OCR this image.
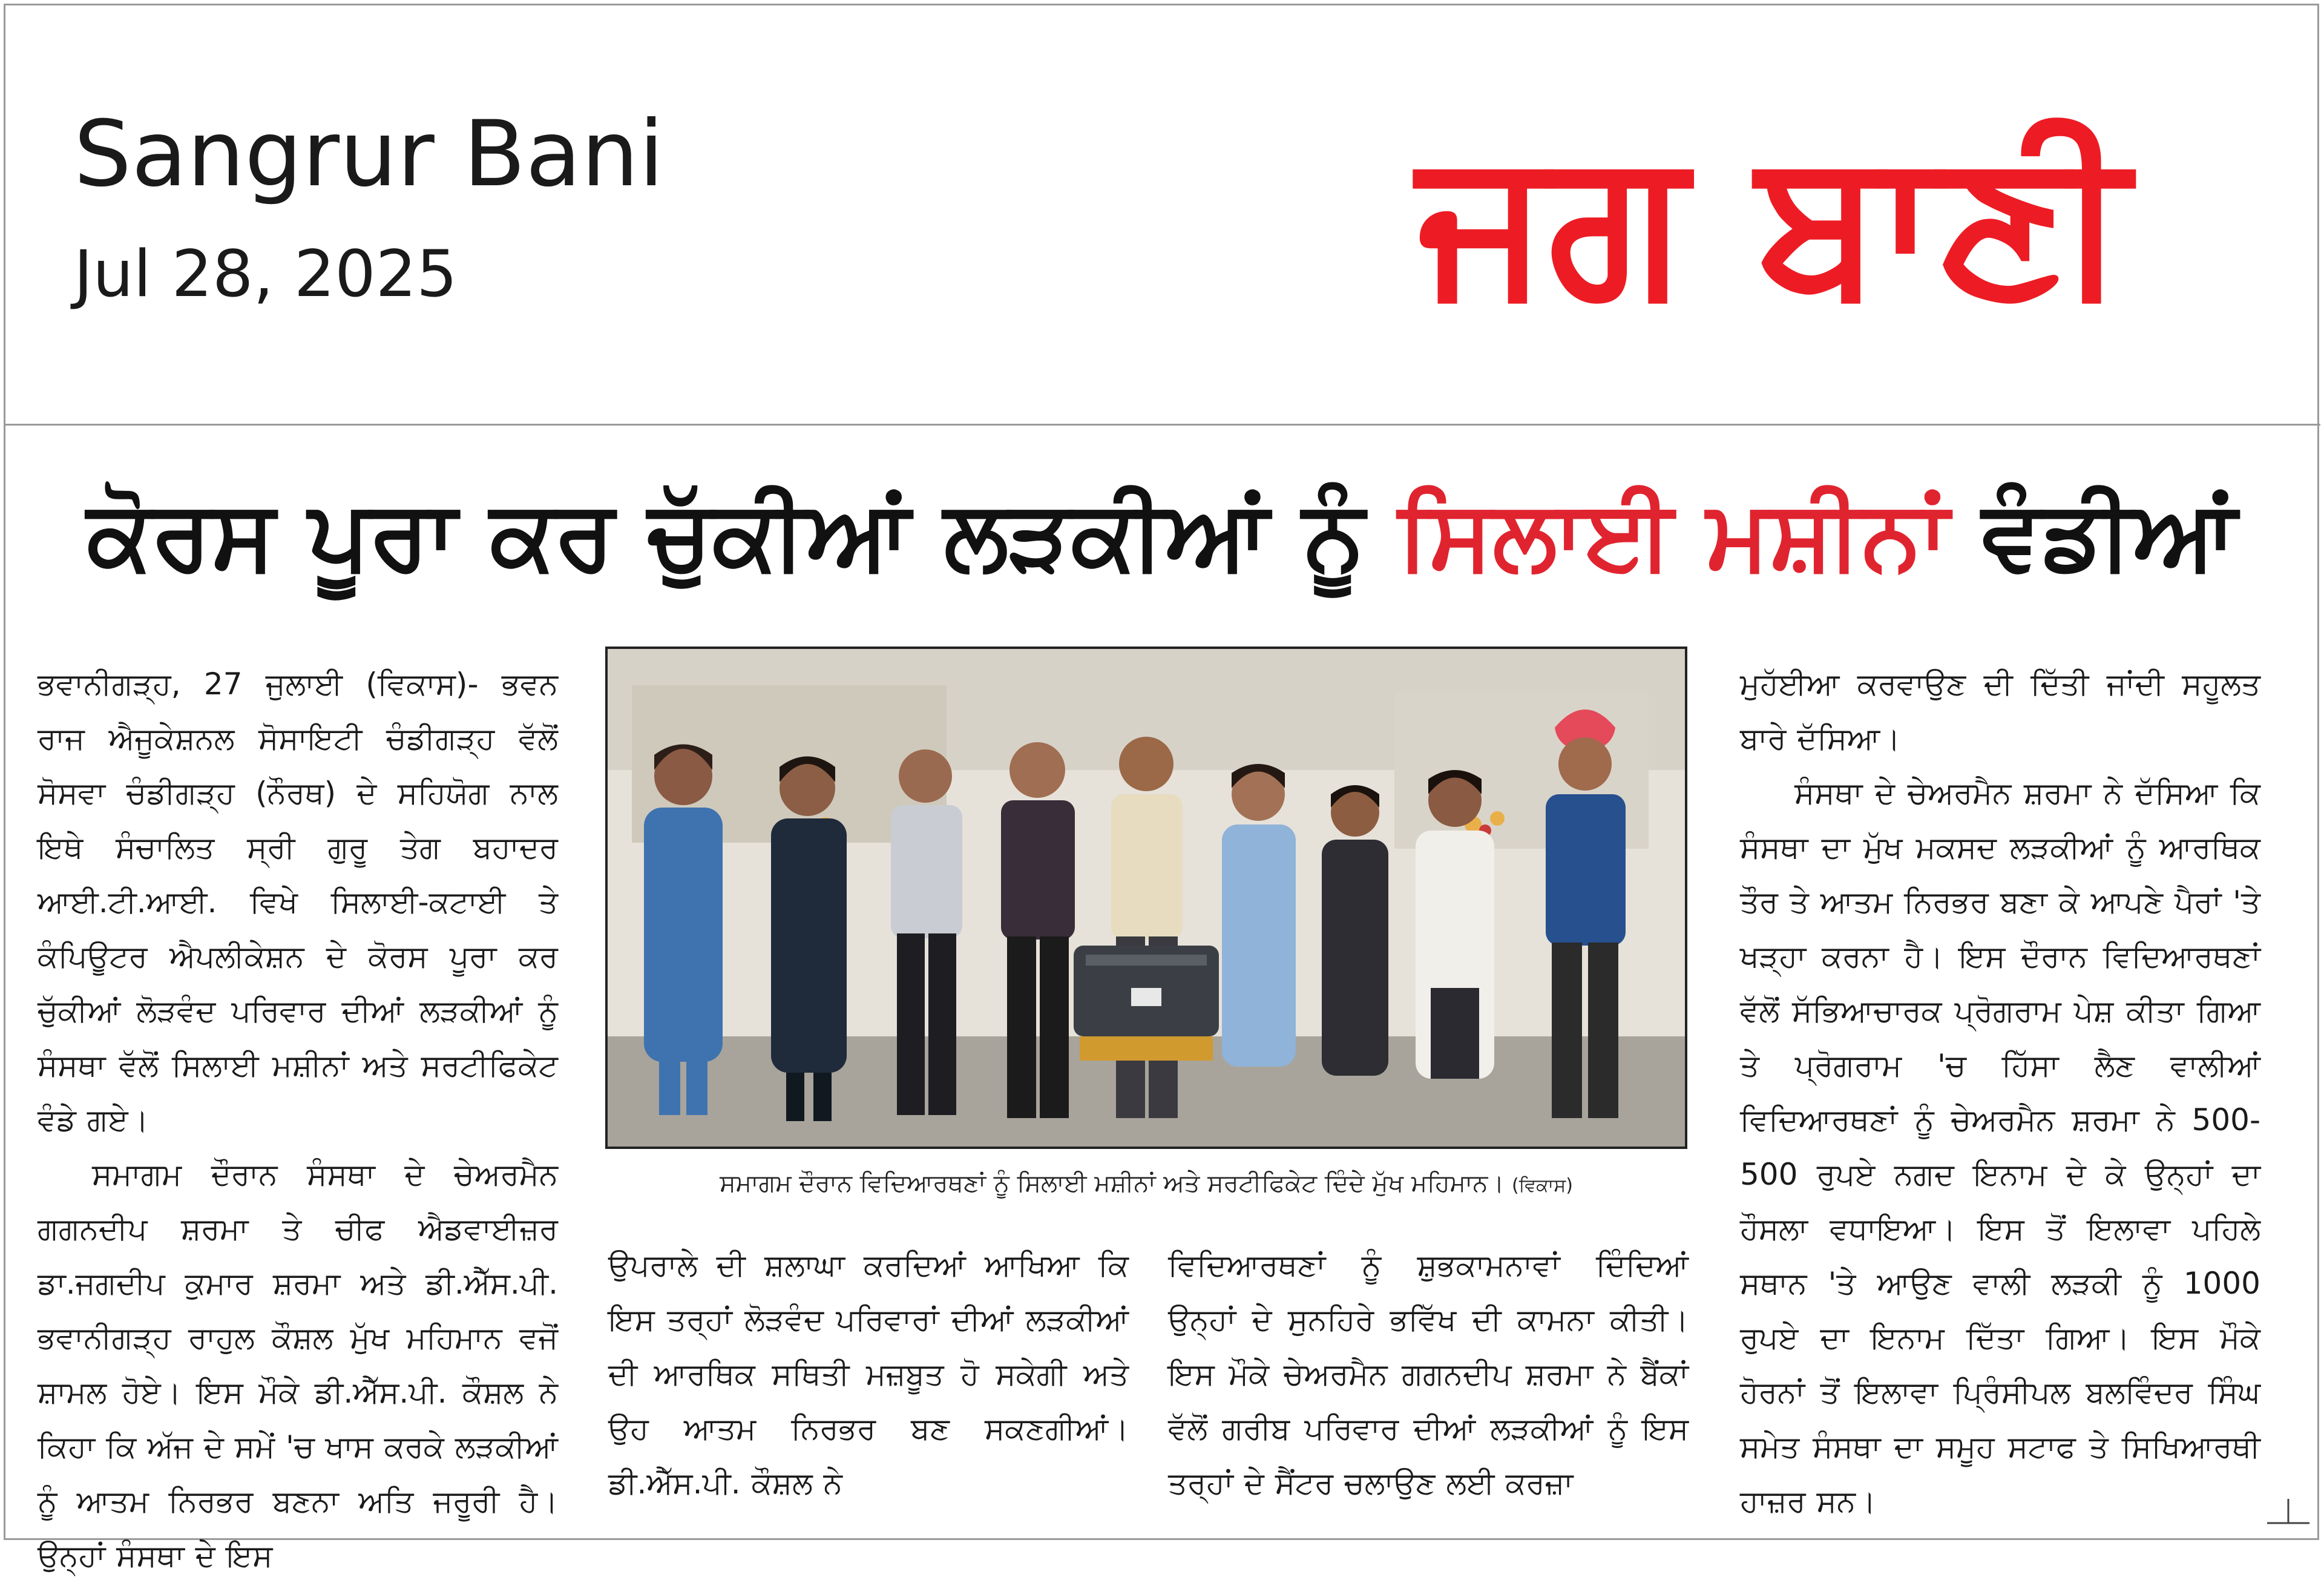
Sangrur Bani
Jul 28, 2025	ਜਗ ਬਾਣੀ
ਕੋਰਸ ਪੂਰਾ ਕਰ ਚੁੱਕੀਆਂ ਲੜਕੀਆਂ ਨੂੰ ਸਿਲਾਈ ਮਸ਼ੀਨਾਂ ਵੰਡੀਆਂ

ਭਵਾਨੀਗੜ੍ਹ, 27 ਜੁਲਾਈ (ਵਿਕਾਸ)- ਭਵਨ ਰਾਜ ਐਜੂਕੇਸ਼ਨਲ ਸੋਸਾਇਟੀ ਚੰਡੀਗੜ੍ਹ ਵੱਲੋਂ ਸੋਸਵਾ ਚੰਡੀਗੜ੍ਹ (ਨੌਰਥ) ਦੇ ਸਹਿਯੋਗ ਨਾਲ ਇਥੇ ਸੰਚਾਲਿਤ ਸ੍ਰੀ ਗੁਰੂ ਤੇਗ ਬਹਾਦਰ ਆਈ.ਟੀ.ਆਈ. ਵਿਖੇ ਸਿਲਾਈ-ਕਟਾਈ ਤੇ ਕੰਪਿਊਟਰ ਐਪਲੀਕੇਸ਼ਨ ਦੇ ਕੋਰਸ ਪੂਰਾ ਕਰ ਚੁੱਕੀਆਂ ਲੋੜਵੰਦ ਪਰਿਵਾਰ ਦੀਆਂ ਲੜਕੀਆਂ ਨੂੰ ਸੰਸਥਾ ਵੱਲੋਂ ਸਿਲਾਈ ਮਸ਼ੀਨਾਂ ਅਤੇ ਸਰਟੀਫਿਕੇਟ ਵੰਡੇ ਗਏ।

ਸਮਾਗਮ ਦੌਰਾਨ ਸੰਸਥਾ ਦੇ ਚੇਅਰਮੈਨ ਗਗਨਦੀਪ ਸ਼ਰਮਾ ਤੇ ਚੀਫ ਐਡਵਾਈਜ਼ਰ ਡਾ.ਜਗਦੀਪ ਕੁਮਾਰ ਸ਼ਰਮਾ ਅਤੇ ਡੀ.ਐੱਸ.ਪੀ. ਭਵਾਨੀਗੜ੍ਹ ਰਾਹੁਲ ਕੌਸ਼ਲ ਮੁੱਖ ਮਹਿਮਾਨ ਵਜੋਂ ਸ਼ਾਮਲ ਹੋਏ। ਇਸ ਮੌਕੇ ਡੀ.ਐੱਸ.ਪੀ. ਕੌਸ਼ਲ ਨੇ ਕਿਹਾ ਕਿ ਅੱਜ ਦੇ ਸਮੇਂ 'ਚ ਖਾਸ ਕਰਕੇ ਲੜਕੀਆਂ ਨੂੰ ਆਤਮ ਨਿਰਭਰ ਬਣਨਾ ਅਤਿ ਜਰੂਰੀ ਹੈ। ਉਨ੍ਹਾਂ ਸੰਸਥਾ ਦੇ ਇਸ

ਸਮਾਗਮ ਦੌਰਾਨ ਵਿਦਿਆਰਥਣਾਂ ਨੂੰ ਸਿਲਾਈ ਮਸ਼ੀਨਾਂ ਅਤੇ ਸਰਟੀਫਿਕੇਟ ਦਿੰਦੇ ਮੁੱਖ ਮਹਿਮਾਨ। (ਵਿਕਾਸ)

ਉਪਰਾਲੇ ਦੀ ਸ਼ਲਾਘਾ ਕਰਦਿਆਂ ਆਖਿਆ ਕਿ ਇਸ ਤਰ੍ਹਾਂ ਲੋੜਵੰਦ ਪਰਿਵਾਰਾਂ ਦੀਆਂ ਲੜਕੀਆਂ ਦੀ ਆਰਥਿਕ ਸਥਿਤੀ ਮਜ਼ਬੂਤ ਹੋ ਸਕੇਗੀ ਅਤੇ ਉਹ ਆਤਮ ਨਿਰਭਰ ਬਣ ਸਕਣਗੀਆਂ। ਡੀ.ਐੱਸ.ਪੀ. ਕੌਸ਼ਲ ਨੇ

ਵਿਦਿਆਰਥਣਾਂ ਨੂੰ ਸ਼ੁਭਕਾਮਨਾਵਾਂ ਦਿੰਦਿਆਂ ਉਨ੍ਹਾਂ ਦੇ ਸੁਨਹਿਰੇ ਭਵਿੱਖ ਦੀ ਕਾਮਨਾ ਕੀਤੀ। ਇਸ ਮੌਕੇ ਚੇਅਰਮੈਨ ਗਗਨਦੀਪ ਸ਼ਰਮਾ ਨੇ ਬੈਂਕਾਂ ਵੱਲੋਂ ਗਰੀਬ ਪਰਿਵਾਰ ਦੀਆਂ ਲੜਕੀਆਂ ਨੂੰ ਇਸ ਤਰ੍ਹਾਂ ਦੇ ਸੈਂਟਰ ਚਲਾਉਣ ਲਈ ਕਰਜ਼ਾ

ਮੁਹੱਈਆ ਕਰਵਾਉਣ ਦੀ ਦਿੱਤੀ ਜਾਂਦੀ ਸਹੂਲਤ ਬਾਰੇ ਦੱਸਿਆ।

ਸੰਸਥਾ ਦੇ ਚੇਅਰਮੈਨ ਸ਼ਰਮਾ ਨੇ ਦੱਸਿਆ ਕਿ ਸੰਸਥਾ ਦਾ ਮੁੱਖ ਮਕਸਦ ਲੜਕੀਆਂ ਨੂੰ ਆਰਥਿਕ ਤੌਰ ਤੇ ਆਤਮ ਨਿਰਭਰ ਬਣਾ ਕੇ ਆਪਣੇ ਪੈਰਾਂ 'ਤੇ ਖੜ੍ਹਾ ਕਰਨਾ ਹੈ। ਇਸ ਦੌਰਾਨ ਵਿਦਿਆਰਥਣਾਂ ਵੱਲੋਂ ਸੱਭਿਆਚਾਰਕ ਪ੍ਰੋਗਰਾਮ ਪੇਸ਼ ਕੀਤਾ ਗਿਆ ਤੇ ਪ੍ਰੋਗਰਾਮ 'ਚ ਹਿੱਸਾ ਲੈਣ ਵਾਲੀਆਂ ਵਿਦਿਆਰਥਣਾਂ ਨੂੰ ਚੇਅਰਮੈਨ ਸ਼ਰਮਾ ਨੇ 500-500 ਰੁਪਏ ਨਗਦ ਇਨਾਮ ਦੇ ਕੇ ਉਨ੍ਹਾਂ ਦਾ ਹੌਸਲਾ ਵਧਾਇਆ। ਇਸ ਤੋਂ ਇਲਾਵਾ ਪਹਿਲੇ ਸਥਾਨ 'ਤੇ ਆਉਣ ਵਾਲੀ ਲੜਕੀ ਨੂੰ 1000 ਰੁਪਏ ਦਾ ਇਨਾਮ ਦਿੱਤਾ ਗਿਆ। ਇਸ ਮੌਕੇ ਹੋਰਨਾਂ ਤੋਂ ਇਲਾਵਾ ਪ੍ਰਿੰਸੀਪਲ ਬਲਵਿੰਦਰ ਸਿੰਘ ਸਮੇਤ ਸੰਸਥਾ ਦਾ ਸਮੂਹ ਸਟਾਫ ਤੇ ਸਿਖਿਆਰਥੀ ਹਾਜ਼ਰ ਸਨ।
